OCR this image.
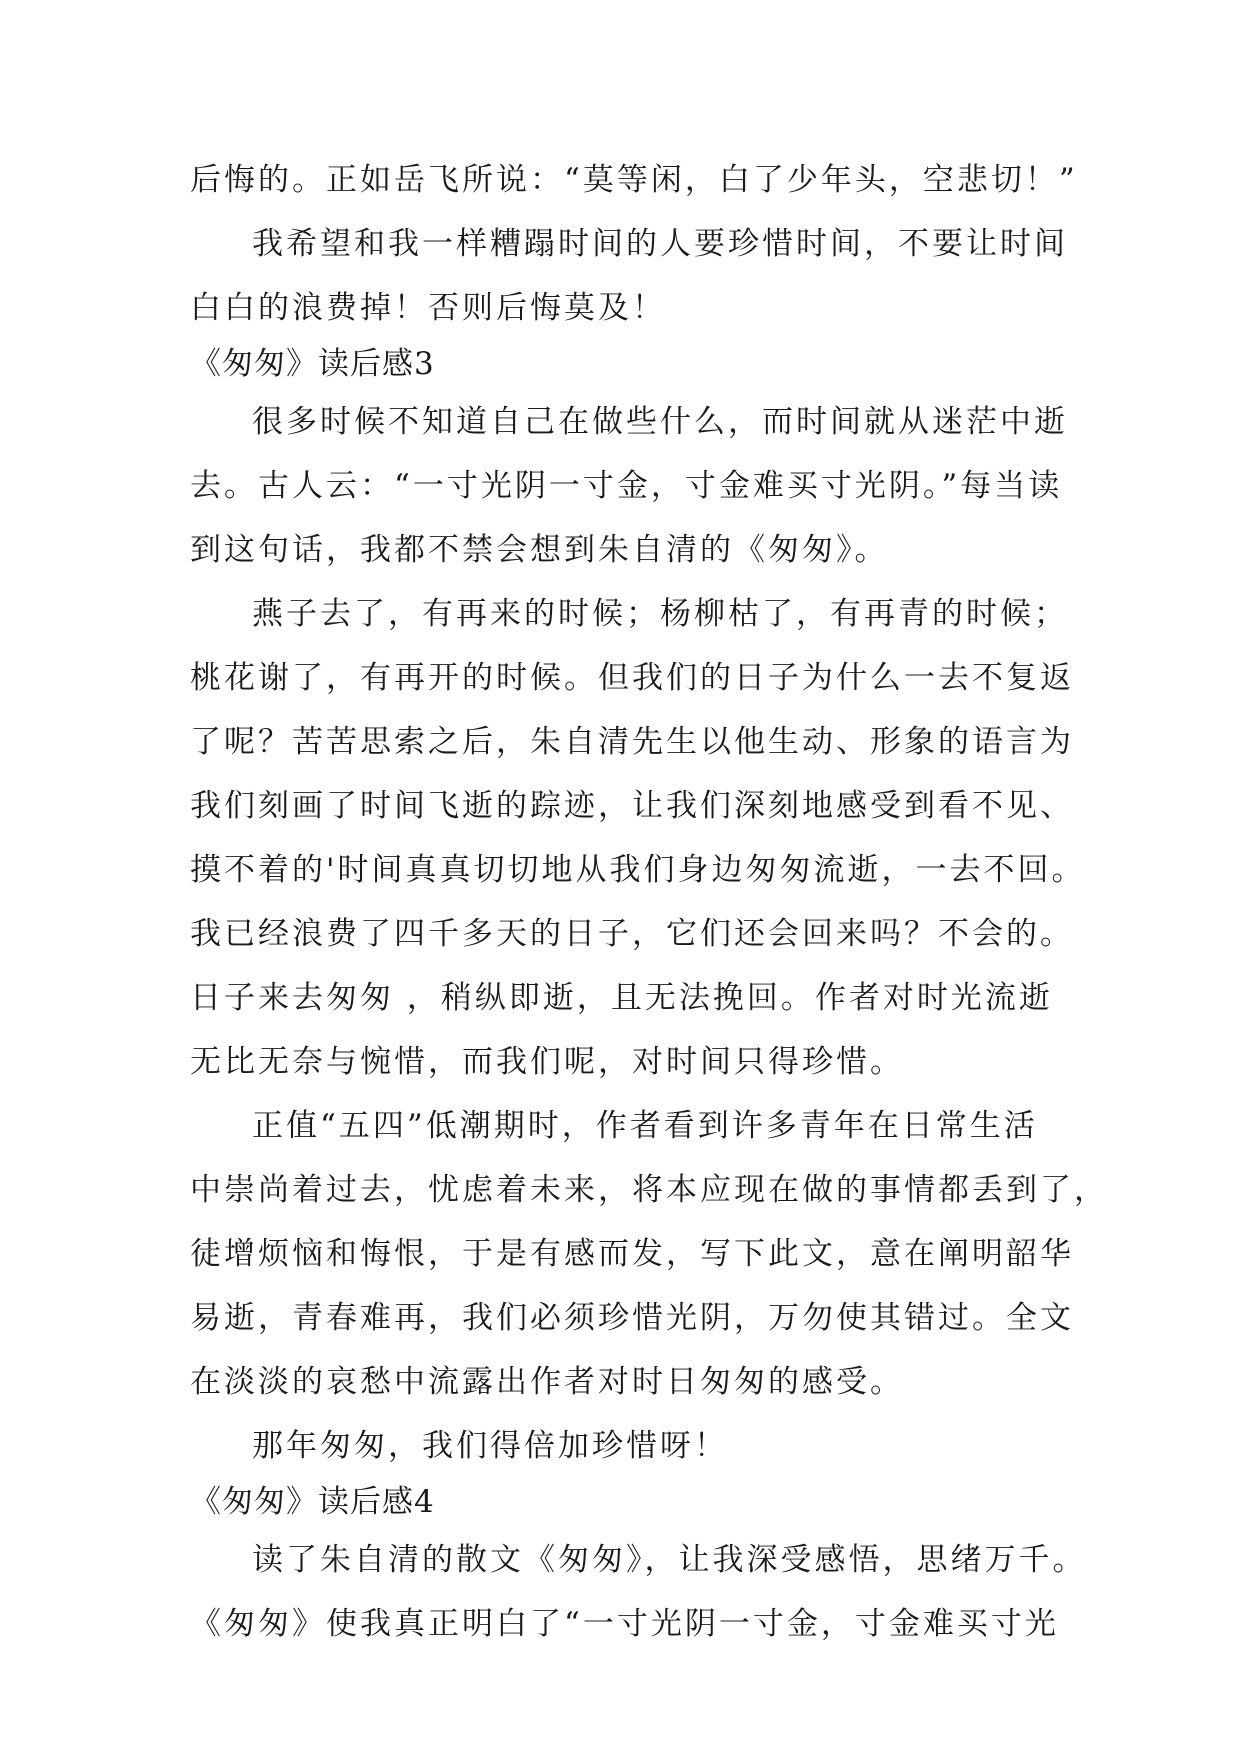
后悔的。正如岳飞所说：“莫等闲，白了少年头，空悲切！”
我希望和我一样糟蹋时间的人要珍惜时间，不要让时间
白白的浪费掉！否则后悔莫及！
《匆匆》读后感3
很多时候不知道自己在做些什么，而时间就从迷茫中逝
去。古人云：“一寸光阴一寸金，寸金难买寸光阴。”每当读
到这句话，我都不禁会想到朱自清的《匆匆》。
燕子去了，有再来的时候；杨柳枯了，有再青的时候；
桃花谢了，有再开的时候。但我们的日子为什么一去不复返
了呢？苦苦思索之后，朱自清先生以他生动、形象的语言为
我们刻画了时间飞逝的踪迹，让我们深刻地感受到看不见、
摸不着的'时间真真切切地从我们身边匆匆流逝，一去不回。
我已经浪费了四千多天的日子，它们还会回来吗？不会的。
日子来去匆匆 ，稍纵即逝，且无法挽回。作者对时光流逝
无比无奈与惋惜，而我们呢，对时间只得珍惜。
正值“五四”低潮期时，作者看到许多青年在日常生活
中崇尚着过去，忧虑着未来，将本应现在做的事情都丢到了，
徒增烦恼和悔恨，于是有感而发，写下此文，意在阐明韶华
易逝，青春难再，我们必须珍惜光阴，万勿使其错过。全文
在淡淡的哀愁中流露出作者对时日匆匆的感受。
那年匆匆，我们得倍加珍惜呀！
《匆匆》读后感4
读了朱自清的散文《匆匆》，让我深受感悟，思绪万千。
《匆匆》使我真正明白了“一寸光阴一寸金，寸金难买寸光
